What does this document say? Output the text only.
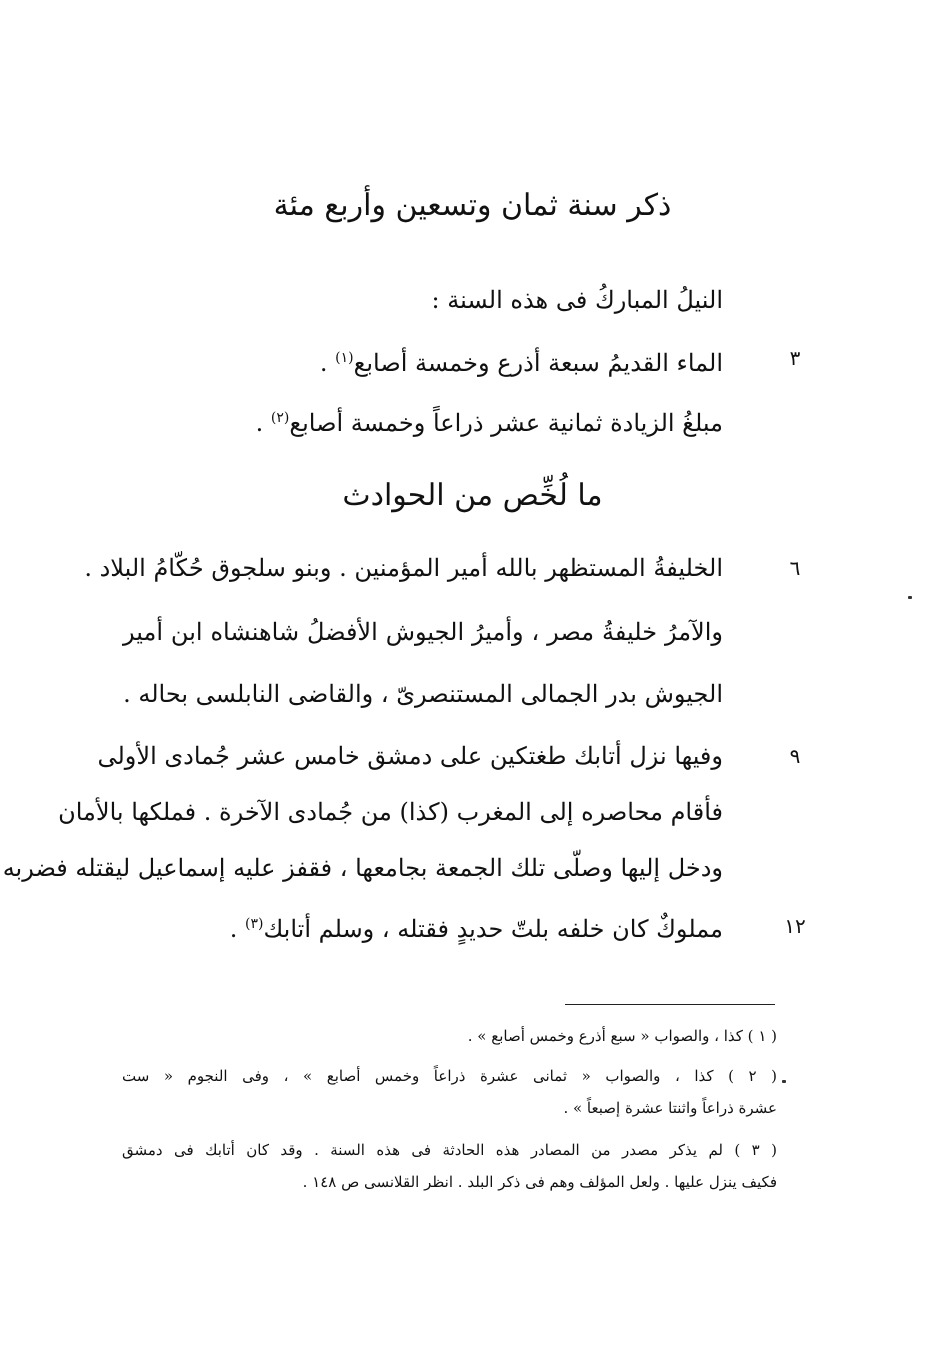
ذكر سنة ثمان وتسعين وأربع مئة
النيلُ المباركُ فى هذه السنة :
الماء القديمُ سبعة أذرع وخمسة أصابع$^{(١)}$ .	٣
مبلغُ الزيادة ثمانية عشر ذراعاً وخمسة أصابع$^{(٢)}$ .
ما لُخِّص من الحوادث
الخليفةُ المستظهر بالله أمير المؤمنين . وبنو سلجوق حُكّامُ البلاد .	٦
والآمرُ خليفةُ مصر ، وأميرُ الجيوش الأفضلُ شاهنشاه ابن أمير
الجيوش بدر الجمالى المستنصرىّ ، والقاضى النابلسى بحاله .
وفيها نزل أتابك طغتكين على دمشق خامس عشر جُمادى الأولى	٩
فأقام محاصره إلى المغرب (كذا) من جُمادى الآخرة . فملكها بالأمان
ودخل إليها وصلّى تلك الجمعة بجامعها ، فقفز عليه إسماعيل ليقتله فضربه
مملوكٌ كان خلفه بلتّ حديدٍ فقتله ، وسلم أتابك$^{(٣)}$ .	١٢
( ١ ) كذا ، والصواب « سبع أذرع وخمس أصابع » .
( ٢ ) كذا ، والصواب « ثمانى عشرة ذراعاً وخمس أصابع » ، وفى النجوم « ست
عشرة ذراعاً واثنتا عشرة إصبعاً » .
( ٣ ) لم يذكر مصدر من المصادر هذه الحادثة فى هذه السنة . وقد كان أتابك فى دمشق
فكيف ينزل عليها . ولعل المؤلف وهم فى ذكر البلد . انظر القلانسى ص ١٤٨ .
